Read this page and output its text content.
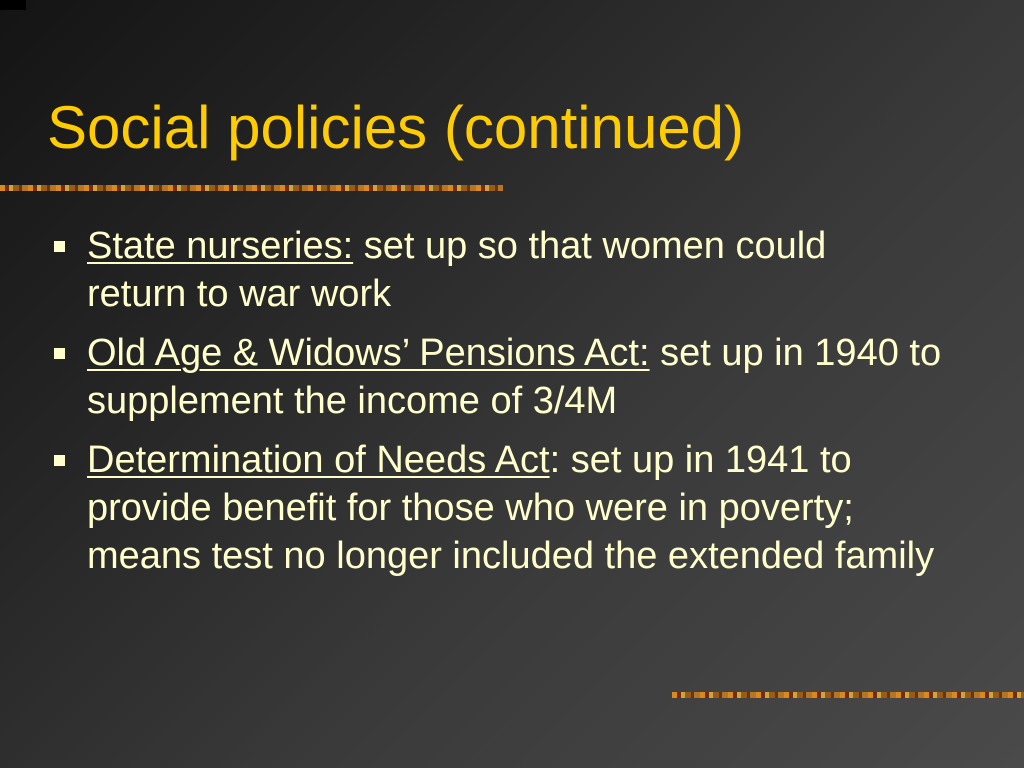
Social policies (continued)
State nurseries: set up so that women could return to war work
Old Age & Widows’ Pensions Act: set up in 1940 to supplement the income of 3/4M
Determination of Needs Act: set up in 1941 to provide benefit for those who were in poverty; means test no longer included the extended family
